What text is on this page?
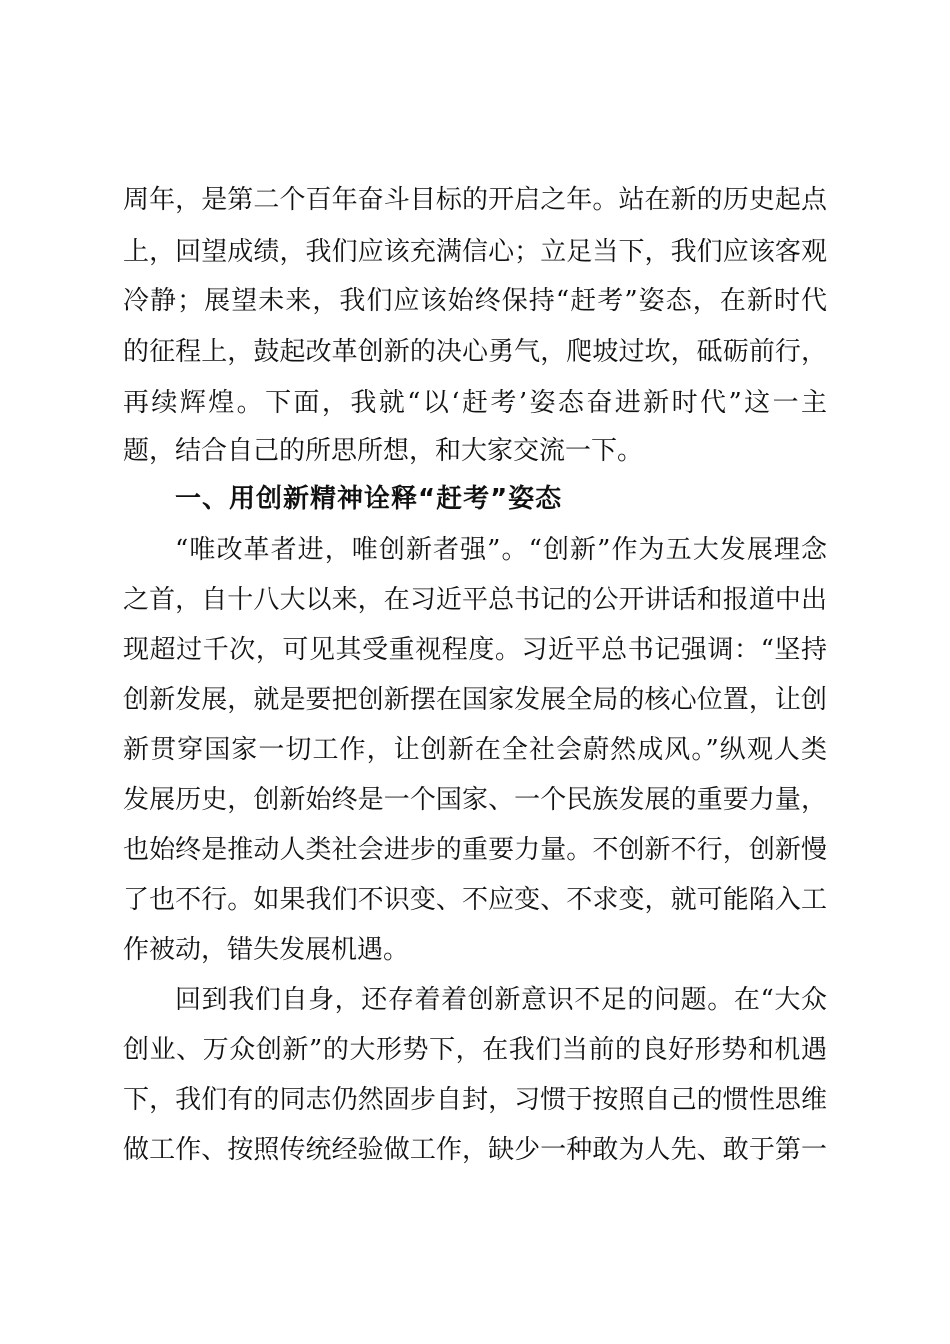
周年，是第二个百年奋斗目标的开启之年。站在新的历史起点
上，回望成绩，我们应该充满信心；立足当下，我们应该客观
冷静；展望未来，我们应该始终保持“赶考”姿态，在新时代
的征程上，鼓起改革创新的决心勇气，爬坡过坎，砥砺前行，
再续辉煌。下面，我就“以‘赶考’姿态奋进新时代”这一主
题，结合自己的所思所想，和大家交流一下。
一、用创新精神诠释“赶考”姿态
“唯改革者进，唯创新者强”。“创新”作为五大发展理念
之首，自十八大以来，在习近平总书记的公开讲话和报道中出
现超过千次，可见其受重视程度。习近平总书记强调：“坚持
创新发展，就是要把创新摆在国家发展全局的核心位置，让创
新贯穿国家一切工作，让创新在全社会蔚然成风。”纵观人类
发展历史，创新始终是一个国家、一个民族发展的重要力量，
也始终是推动人类社会进步的重要力量。不创新不行，创新慢
了也不行。如果我们不识变、不应变、不求变，就可能陷入工
作被动，错失发展机遇。
回到我们自身，还存着着创新意识不足的问题。在“大众
创业、万众创新”的大形势下，在我们当前的良好形势和机遇
下，我们有的同志仍然固步自封，习惯于按照自己的惯性思维
做工作、按照传统经验做工作，缺少一种敢为人先、敢于第一
